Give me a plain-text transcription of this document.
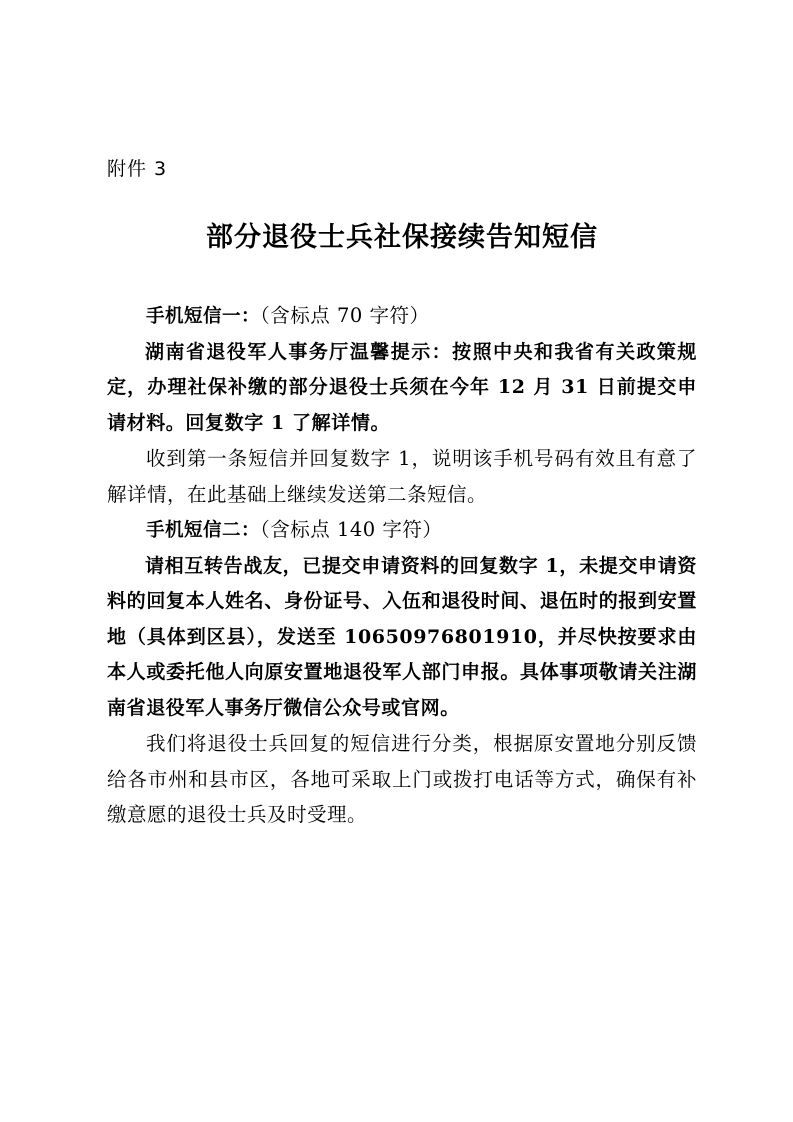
附件 3
部分退役士兵社保接续告知短信

手机短信一：（含标点 70 字符）

湖南省退役军人事务厅温馨提示：按照中央和我省有关政策规定，办理社保补缴的部分退役士兵须在今年 12 月 31 日前提交申请材料。回复数字 1 了解详情。

收到第一条短信并回复数字 1，说明该手机号码有效且有意了解详情，在此基础上继续发送第二条短信。

手机短信二：（含标点 140 字符）

请相互转告战友，已提交申请资料的回复数字 1，未提交申请资料的回复本人姓名、身份证号、入伍和退役时间、退伍时的报到安置地（具体到区县），发送至 10650976801910，并尽快按要求由本人或委托他人向原安置地退役军人部门申报。具体事项敬请关注湖南省退役军人事务厅微信公众号或官网。

我们将退役士兵回复的短信进行分类，根据原安置地分别反馈给各市州和县市区，各地可采取上门或拨打电话等方式，确保有补缴意愿的退役士兵及时受理。
